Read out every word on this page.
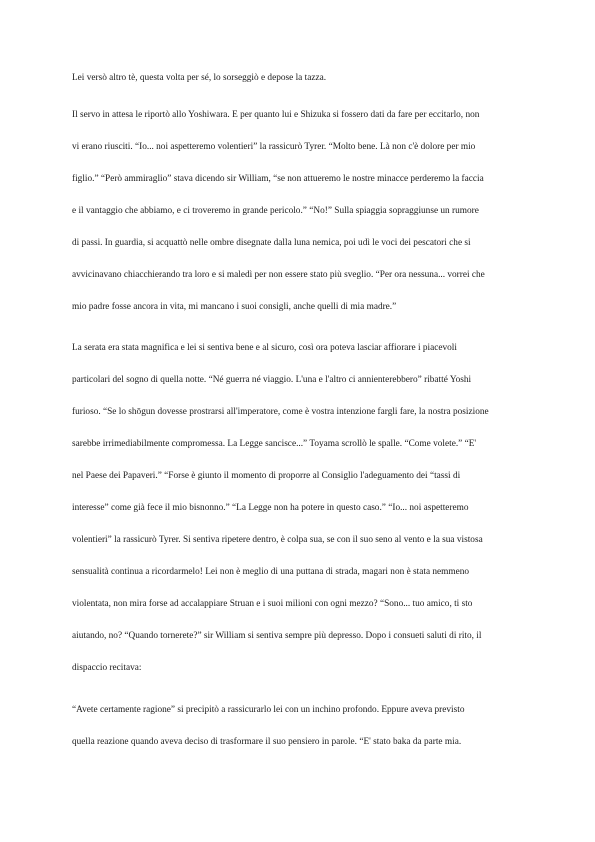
Lei versò altro tè, questa volta per sé, lo sorseggiò e depose la tazza.
Il servo in attesa le riportò allo Yoshiwara. E per quanto lui e Shizuka si fossero dati da fare per eccitarlo, non
vi erano riusciti. “Io... noi aspetteremo volentieri” la rassicurò Tyrer. “Molto bene. Là non c'è dolore per mio
figlio.” “Però ammiraglio” stava dicendo sir William, “se non attueremo le nostre minacce perderemo la faccia
e il vantaggio che abbiamo, e ci troveremo in grande pericolo.” “No!” Sulla spiaggia sopraggiunse un rumore
di passi. In guardia, si acquattò nelle ombre disegnate dalla luna nemica, poi udì le voci dei pescatori che si
avvicinavano chiacchierando tra loro e si maledì per non essere stato più sveglio. “Per ora nessuna... vorrei che
mio padre fosse ancora in vita, mi mancano i suoi consigli, anche quelli di mia madre.”
La serata era stata magnifica e lei si sentiva bene e al sicuro, così ora poteva lasciar affiorare i piacevoli
particolari del sogno di quella notte. “Né guerra né viaggio. L'una e l'altro ci annienterebbero” ribatté Yoshi
furioso. “Se lo shōgun dovesse prostrarsi all'imperatore, come è vostra intenzione fargli fare, la nostra posizione
sarebbe irrimediabilmente compromessa. La Legge sancisce...” Toyama scrollò le spalle. “Come volete.” “E'
nel Paese dei Papaveri.” “Forse è giunto il momento di proporre al Consiglio l'adeguamento dei “tassi di
interesse” come già fece il mio bisnonno.” “La Legge non ha potere in questo caso.” “Io... noi aspetteremo
volentieri” la rassicurò Tyrer. Si sentiva ripetere dentro, è colpa sua, se con il suo seno al vento e la sua vistosa
sensualità continua a ricordarmelo! Lei non è meglio di una puttana di strada, magari non è stata nemmeno
violentata, non mira forse ad accalappiare Struan e i suoi milioni con ogni mezzo? “Sono... tuo amico, ti sto
aiutando, no? “Quando tornerete?” sir William si sentiva sempre più depresso. Dopo i consueti saluti di rito, il
dispaccio recitava:
“Avete certamente ragione” si precipitò a rassicurarlo lei con un inchino profondo. Eppure aveva previsto
quella reazione quando aveva deciso di trasformare il suo pensiero in parole. “E' stato baka da parte mia.
